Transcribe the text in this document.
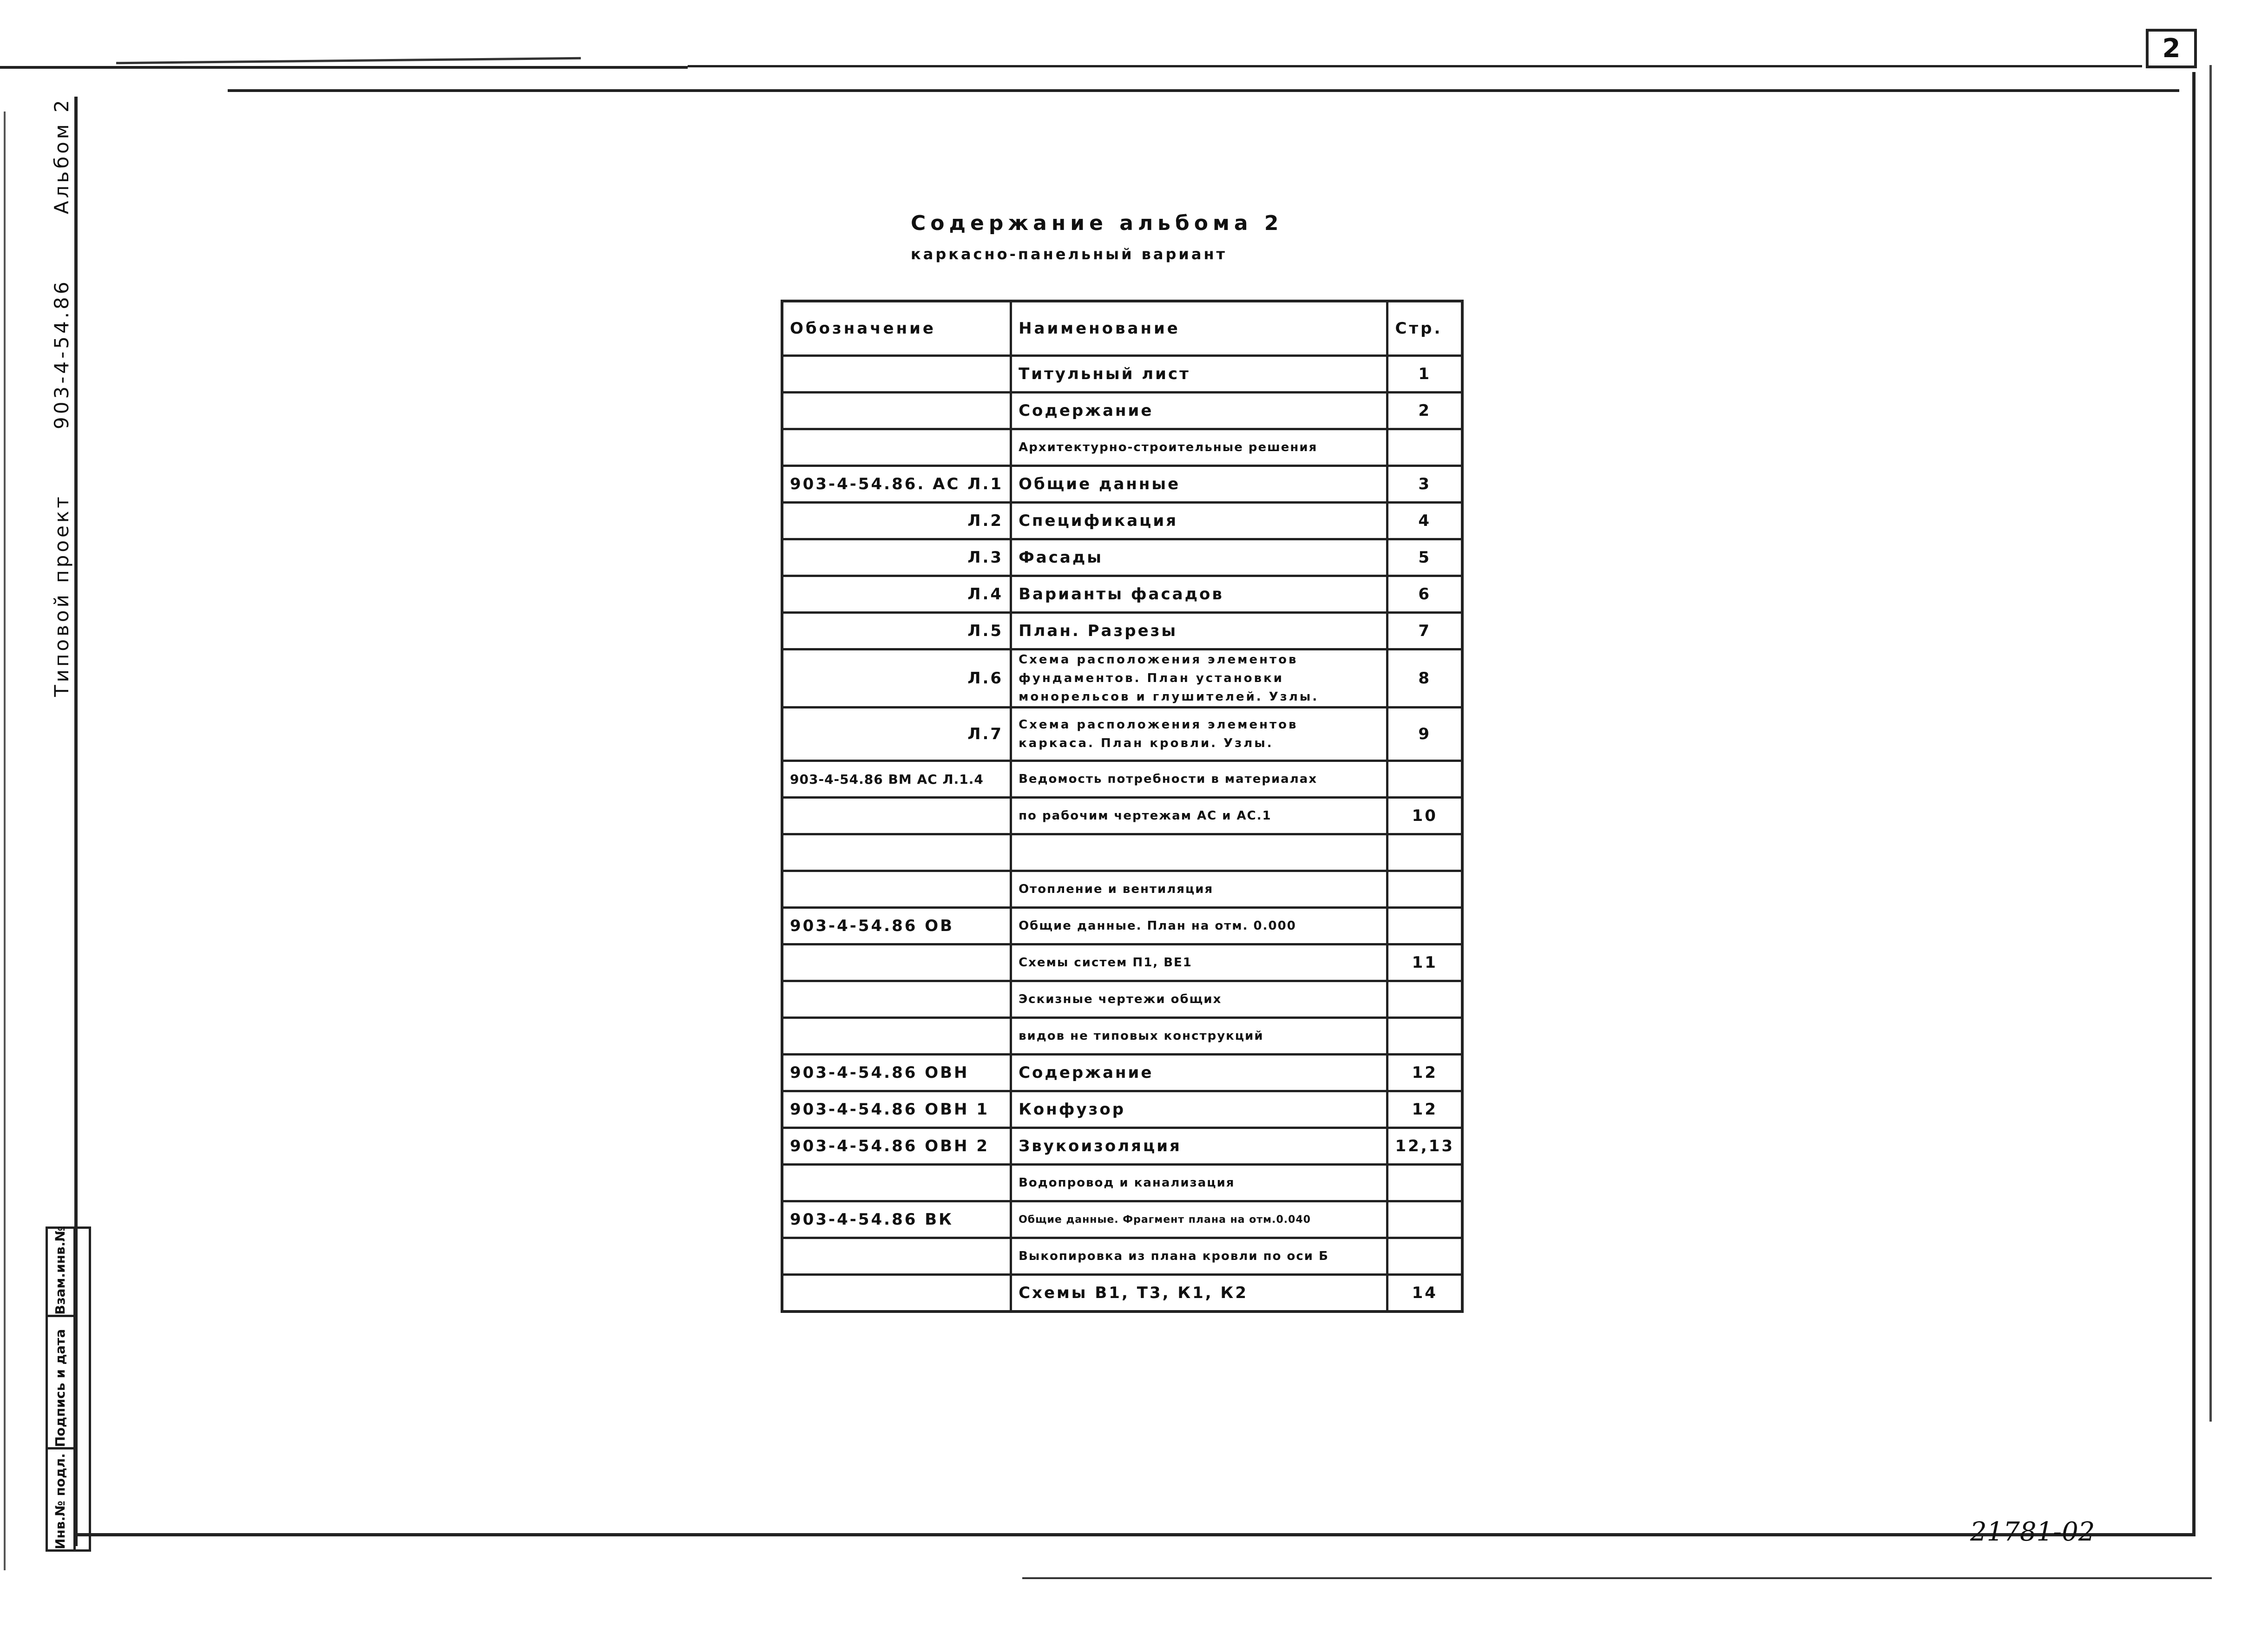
2
Типовой проект 903-4-54.86 Альбом 2
Взам.инв.№
Подпись и дата
Инв.№ подл.
Содержание альбома 2
каркасно-панельный вариант
Обозначение	Наименование	Стр.
	Титульный лист	1
	Содержание	2
	Архитектурно-строительные решения	
903-4-54.86. АС Л.1	Общие данные	3
Л.2	Спецификация	4
Л.3	Фасады	5
Л.4	Варианты фасадов	6
Л.5	План. Разрезы	7
Л.6	Схема расположения элементов фундаментов. План установки монорельсов и глушителей. Узлы.	8
Л.7	Схема расположения элементов каркаса. План кровли. Узлы.	9
903-4-54.86 ВМ АС Л.1.4	Ведомость потребности в материалах	
	по рабочим чертежам АС и АС.1	10

	Отопление и вентиляция	
903-4-54.86 ОВ	Общие данные. План на отм. 0.000	
	Схемы систем П1, ВЕ1	11
	Эскизные чертежи общих	
	видов не типовых конструкций	
903-4-54.86 ОВН	Содержание	12
903-4-54.86 ОВН 1	Конфузор	12
903-4-54.86 ОВН 2	Звукоизоляция	12,13
	Водопровод и канализация	
903-4-54.86 ВК	Общие данные. Фрагмент плана на отм.0.040	
	Выкопировка из плана кровли по оси Б	
	Схемы В1, Т3, К1, К2	14
21781-02
